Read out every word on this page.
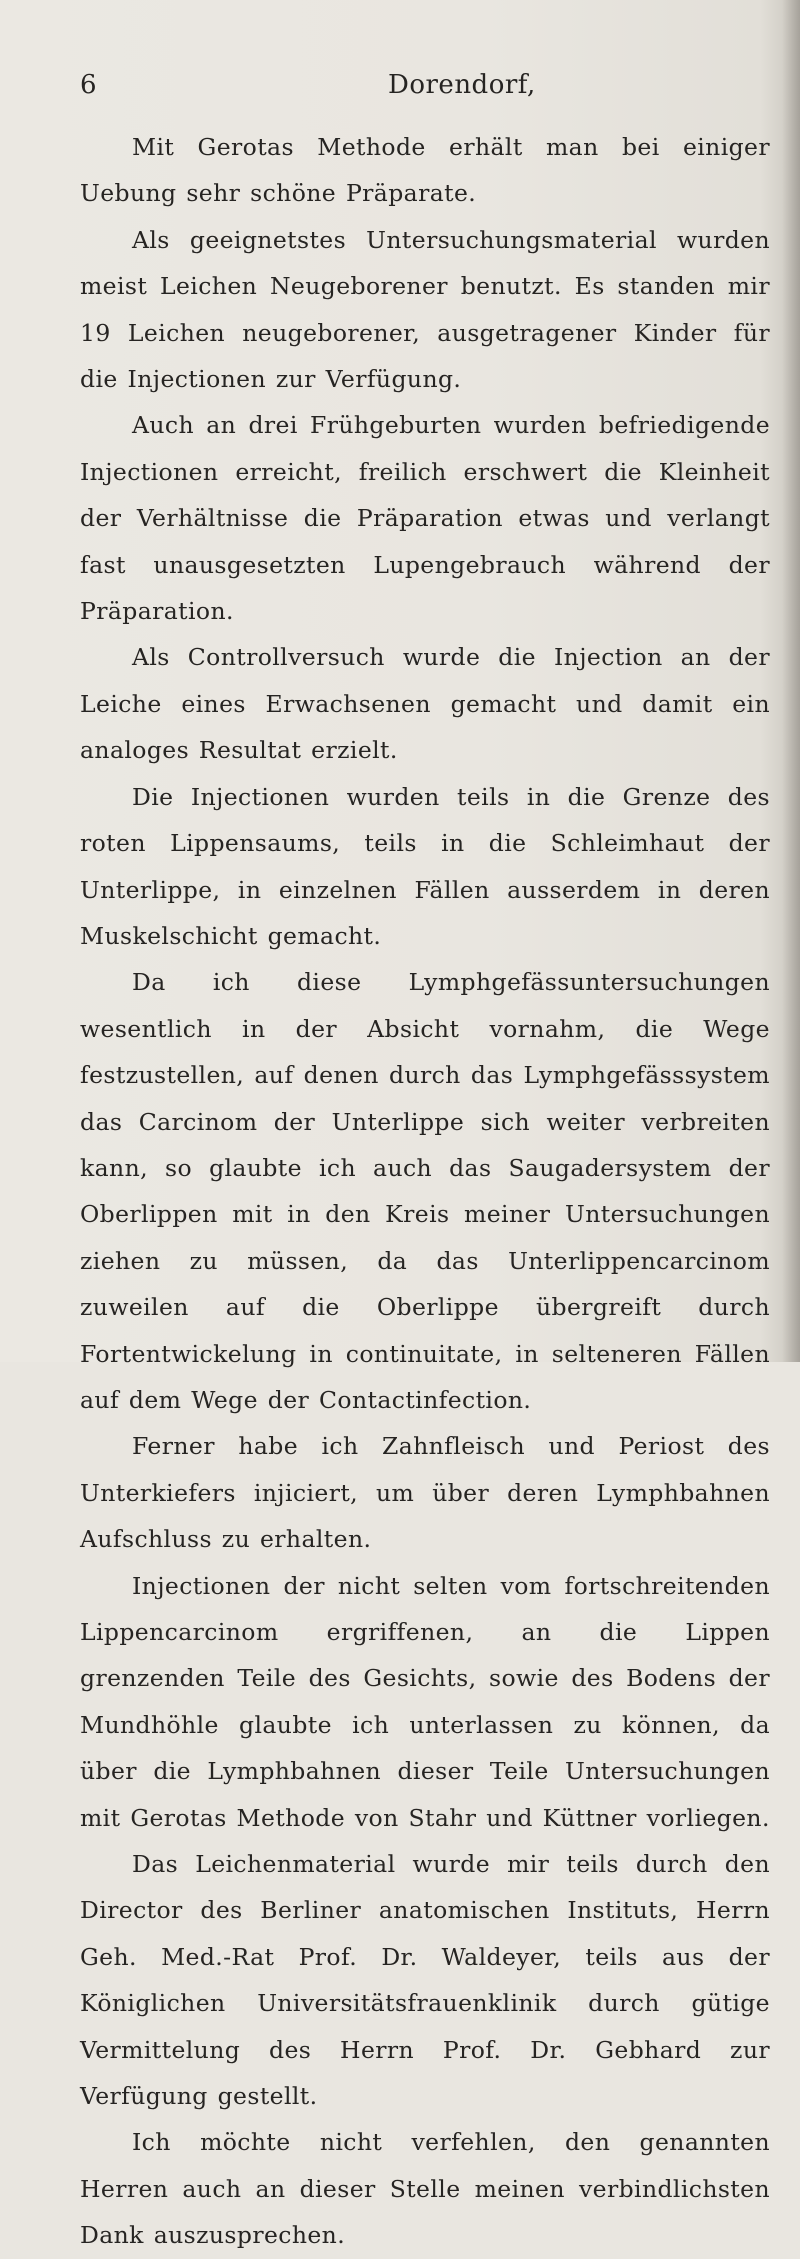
6	Dorendorf,

Mit Gerotas Methode erhält man bei einiger Uebung sehr schöne Präparate.

Als geeignetstes Untersuchungsmaterial wurden meist Leichen Neugeborener benutzt. Es standen mir 19 Leichen neugeborener, ausgetragener Kinder für die Injectionen zur Verfügung.

Auch an drei Frühgeburten wurden befriedigende Injectionen erreicht, freilich erschwert die Kleinheit der Verhältnisse die Präparation etwas und verlangt fast unausgesetzten Lupengebrauch während der Präparation.

Als Controllversuch wurde die Injection an der Leiche eines Erwachsenen gemacht und damit ein analoges Resultat erzielt.

Die Injectionen wurden teils in die Grenze des roten Lippensaums, teils in die Schleimhaut der Unterlippe, in einzelnen Fällen ausserdem in deren Muskelschicht gemacht.

Da ich diese Lymphgefässuntersuchungen wesentlich in der Absicht vornahm, die Wege festzustellen, auf denen durch das Lymphgefässsystem das Carcinom der Unterlippe sich weiter verbreiten kann, so glaubte ich auch das Saugadersystem der Oberlippen mit in den Kreis meiner Untersuchungen ziehen zu müssen, da das Unterlippencarcinom zuweilen auf die Oberlippe übergreift durch Fortentwickelung in continuitate, in selteneren Fällen auf dem Wege der Contactinfection.

Ferner habe ich Zahnfleisch und Periost des Unterkiefers injiciert, um über deren Lymphbahnen Aufschluss zu erhalten.

Injectionen der nicht selten vom fortschreitenden Lippencarcinom ergriffenen, an die Lippen grenzenden Teile des Gesichts, sowie des Bodens der Mundhöhle glaubte ich unterlassen zu können, da über die Lymphbahnen dieser Teile Untersuchungen mit Gerotas Methode von Stahr und Küttner vorliegen.

Das Leichenmaterial wurde mir teils durch den Director des Berliner anatomischen Instituts, Herrn Geh. Med.-Rat Prof. Dr. Waldeyer, teils aus der Königlichen Universitätsfrauenklinik durch gütige Vermittelung des Herrn Prof. Dr. Gebhard zur Verfügung gestellt.

Ich möchte nicht verfehlen, den genannten Herren auch an dieser Stelle meinen verbindlichsten Dank auszusprechen.
